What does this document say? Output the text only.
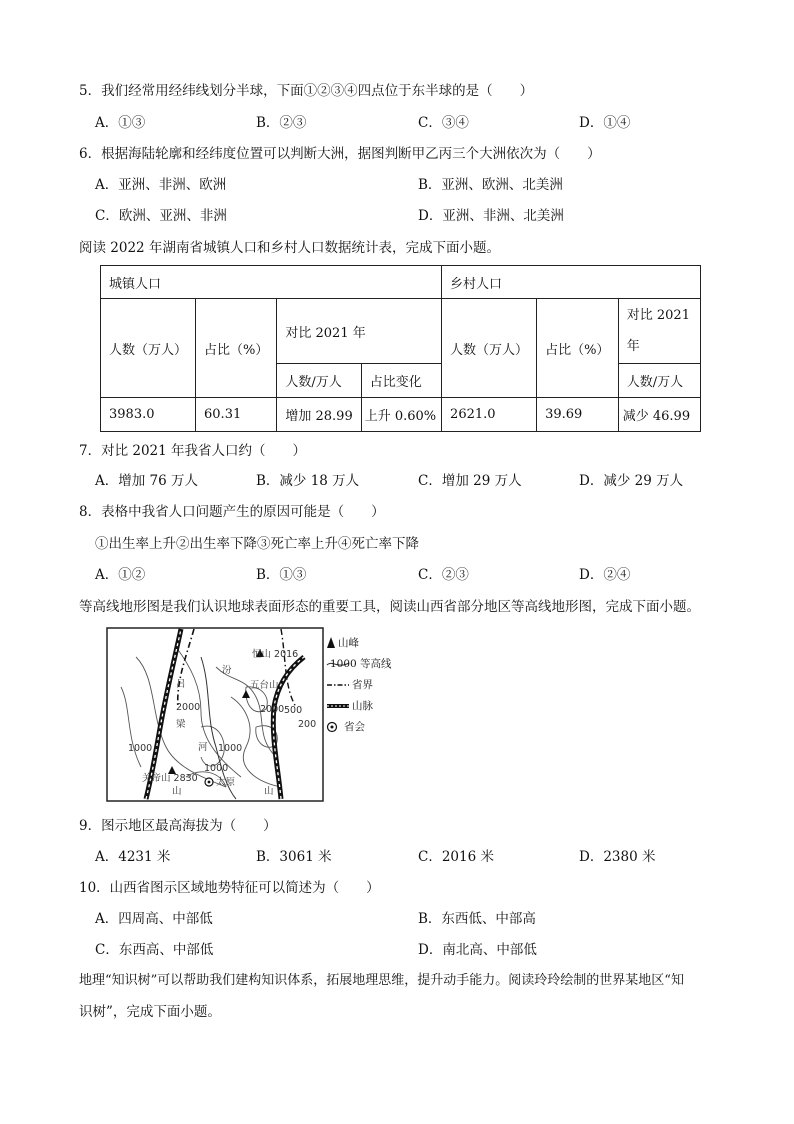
5．我们经常用经纬线划分半球，下面①②③④四点位于东半球的是（　　）
A．①③	B．②③	C．③④	D．①④
6．根据海陆轮廓和经纬度位置可以判断大洲，据图判断甲乙丙三个大洲依次为（　　）
A．亚洲、非洲、欧洲	B．亚洲、欧洲、北美洲
C．欧洲、亚洲、非洲	D．亚洲、非洲、北美洲
阅读 2022 年湖南省城镇人口和乡村人口数据统计表，完成下面小题。
城镇人口				乡村人口		
人数（万人）	占比（%）	对比 2021 年		人数（万人）	占比（%）	对比 2021
年

		人数/万人	占比变化			人数/万人
3983.0	60.31	增加 28.99	上升 0.60%	2621.0	39.69	减少 46.99
7．对比 2021 年我省人口约（　　）
A．增加 76 万人	B．减少 18 万人	C．增加 29 万人	D．减少 29 万人
8．表格中我省人口问题产生的原因可能是（　　）
①出生率上升②出生率下降③死亡率上升④死亡率下降
A．①②	B．①③	C．②③	D．②④
等高线地形图是我们认识地球表面形态的重要工具，阅读山西省部分地区等高线地形图，完成下面小题。
恒山 2016
五台山
关帝山 2830 太原
汾
河
吕
梁
山	山
2000	2000 500
200
1000	1000
1000
山峰
1000 等高线
省界
山脉
省会
9．图示地区最高海拔为（　　）
A．4231 米	B．3061 米	C．2016 米	D．2380 米
10．山西省图示区域地势特征可以简述为（　　）
A．四周高、中部低	B．东西低、中部高
C．东西高、中部低	D．南北高、中部低
地理“知识树”可以帮助我们建构知识体系，拓展地理思维，提升动手能力。阅读玲玲绘制的世界某地区“知
识树”，完成下面小题。
